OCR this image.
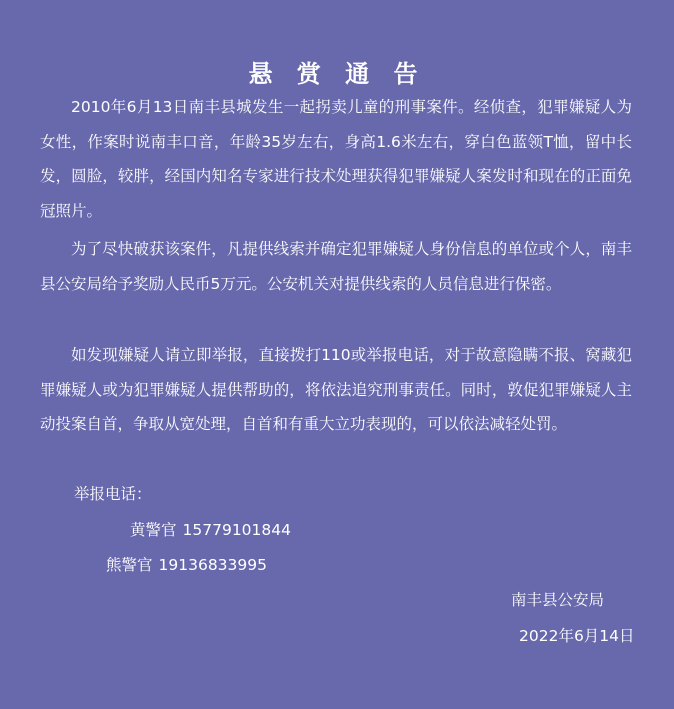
悬 赏 通 告

2010年6月13日南丰县城发生一起拐卖儿童的刑事案件。经侦查，犯罪嫌疑人为女性，作案时说南丰口音，年龄35岁左右，身高1.6米左右，穿白色蓝领T恤，留中长发，圆脸，较胖，经国内知名专家进行技术处理获得犯罪嫌疑人案发时和现在的正面免冠照片。

为了尽快破获该案件，凡提供线索并确定犯罪嫌疑人身份信息的单位或个人，南丰县公安局给予奖励人民币5万元。公安机关对提供线索的人员信息进行保密。

如发现嫌疑人请立即举报，直接拨打110或举报电话，对于故意隐瞒不报、窝藏犯罪嫌疑人或为犯罪嫌疑人提供帮助的，将依法追究刑事责任。同时，敦促犯罪嫌疑人主动投案自首，争取从宽处理，自首和有重大立功表现的，可以依法减轻处罚。

举报电话：
黄警官 15779101844
熊警官 19136833995
南丰县公安局
2022年6月14日
